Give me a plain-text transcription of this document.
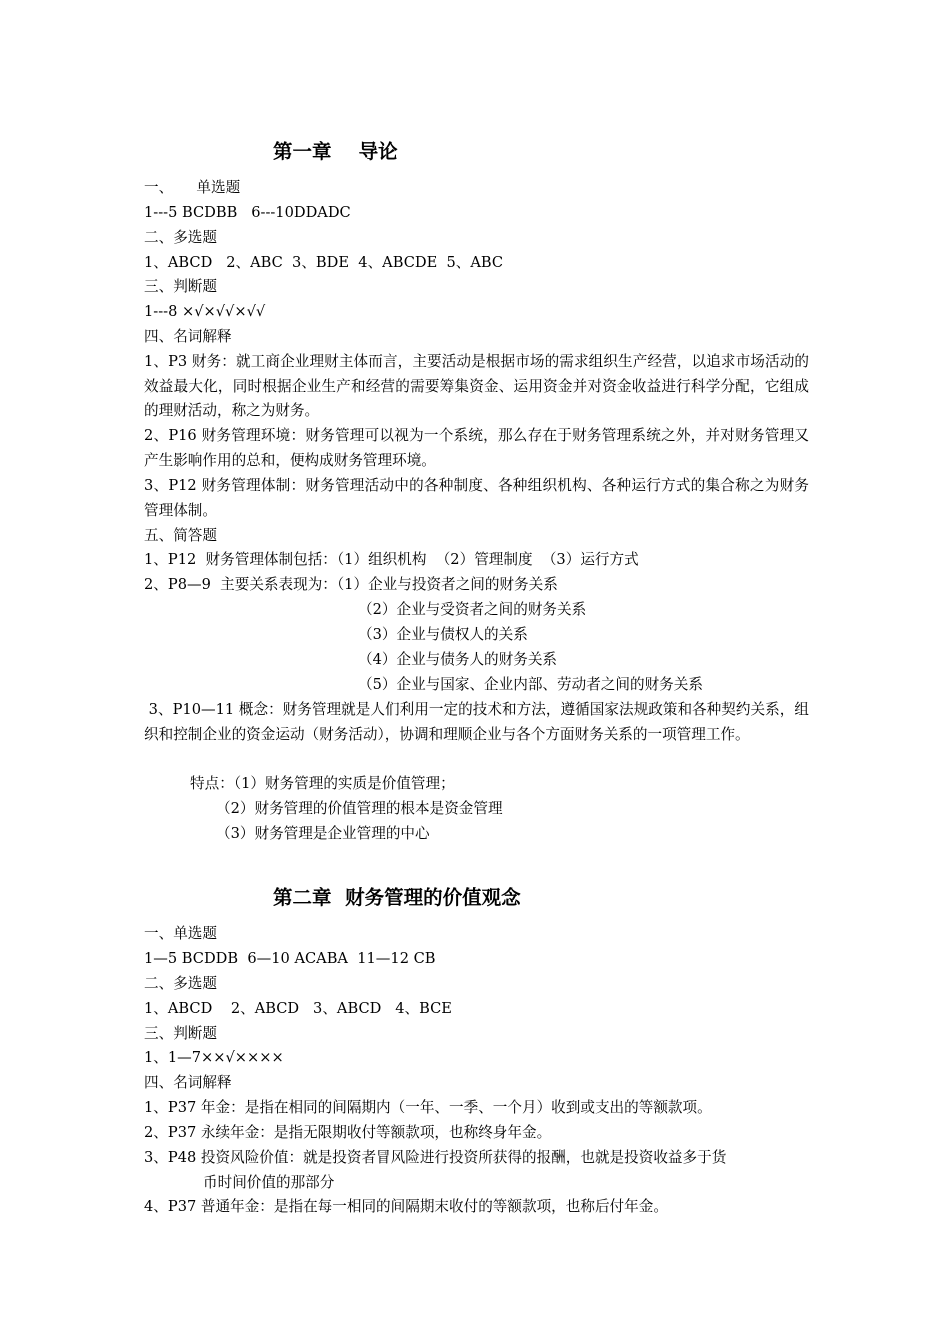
第一章    导论
一、     单选题
1---5 BCDBB   6---10DDADC
二、多选题
1、ABCD   2、ABC  3、BDE  4、ABCDE  5、ABC
三、判断题
1---8 ×√×√√×√√
四、名词解释
1、P3 财务：就工商企业理财主体而言，主要活动是根据市场的需求组织生产经营，以追求市场活动的效益最大化，同时根据企业生产和经营的需要筹集资金、运用资金并对资金收益进行科学分配，它组成的理财活动，称之为财务。
2、P16 财务管理环境：财务管理可以视为一个系统，那么存在于财务管理系统之外，并对财务管理又产生影响作用的总和，便构成财务管理环境。
3、P12 财务管理体制：财务管理活动中的各种制度、各种组织机构、各种运行方式的集合称之为财务管理体制。
五、简答题
1、P12  财务管理体制包括：（1）组织机构  （2）管理制度  （3）运行方式
2、P8—9  主要关系表现为：（1）企业与投资者之间的财务关系
（2）企业与受资者之间的财务关系
（3）企业与债权人的关系
（4）企业与债务人的财务关系
（5）企业与国家、企业内部、劳动者之间的财务关系
3、P10—11 概念：财务管理就是人们利用一定的技术和方法，遵循国家法规政策和各种契约关系，组织和控制企业的资金运动（财务活动），协调和理顺企业与各个方面财务关系的一项管理工作。
特点：（1）财务管理的实质是价值管理；
（2）财务管理的价值管理的根本是资金管理
（3）财务管理是企业管理的中心
第二章  财务管理的价值观念
一、单选题
1—5 BCDDB  6—10 ACABA  11—12 CB
二、多选题
1、ABCD    2、ABCD   3、ABCD   4、BCE
三、判断题
1、1—7××√××××
四、名词解释
1、P37 年金：是指在相同的间隔期内（一年、一季、一个月）收到或支出的等额款项。
2、P37 永续年金：是指无限期收付等额款项，也称终身年金。
3、P48 投资风险价值：就是投资者冒风险进行投资所获得的报酬，也就是投资收益多于货
币时间价值的那部分
4、P37 普通年金：是指在每一相同的间隔期末收付的等额款项，也称后付年金。
